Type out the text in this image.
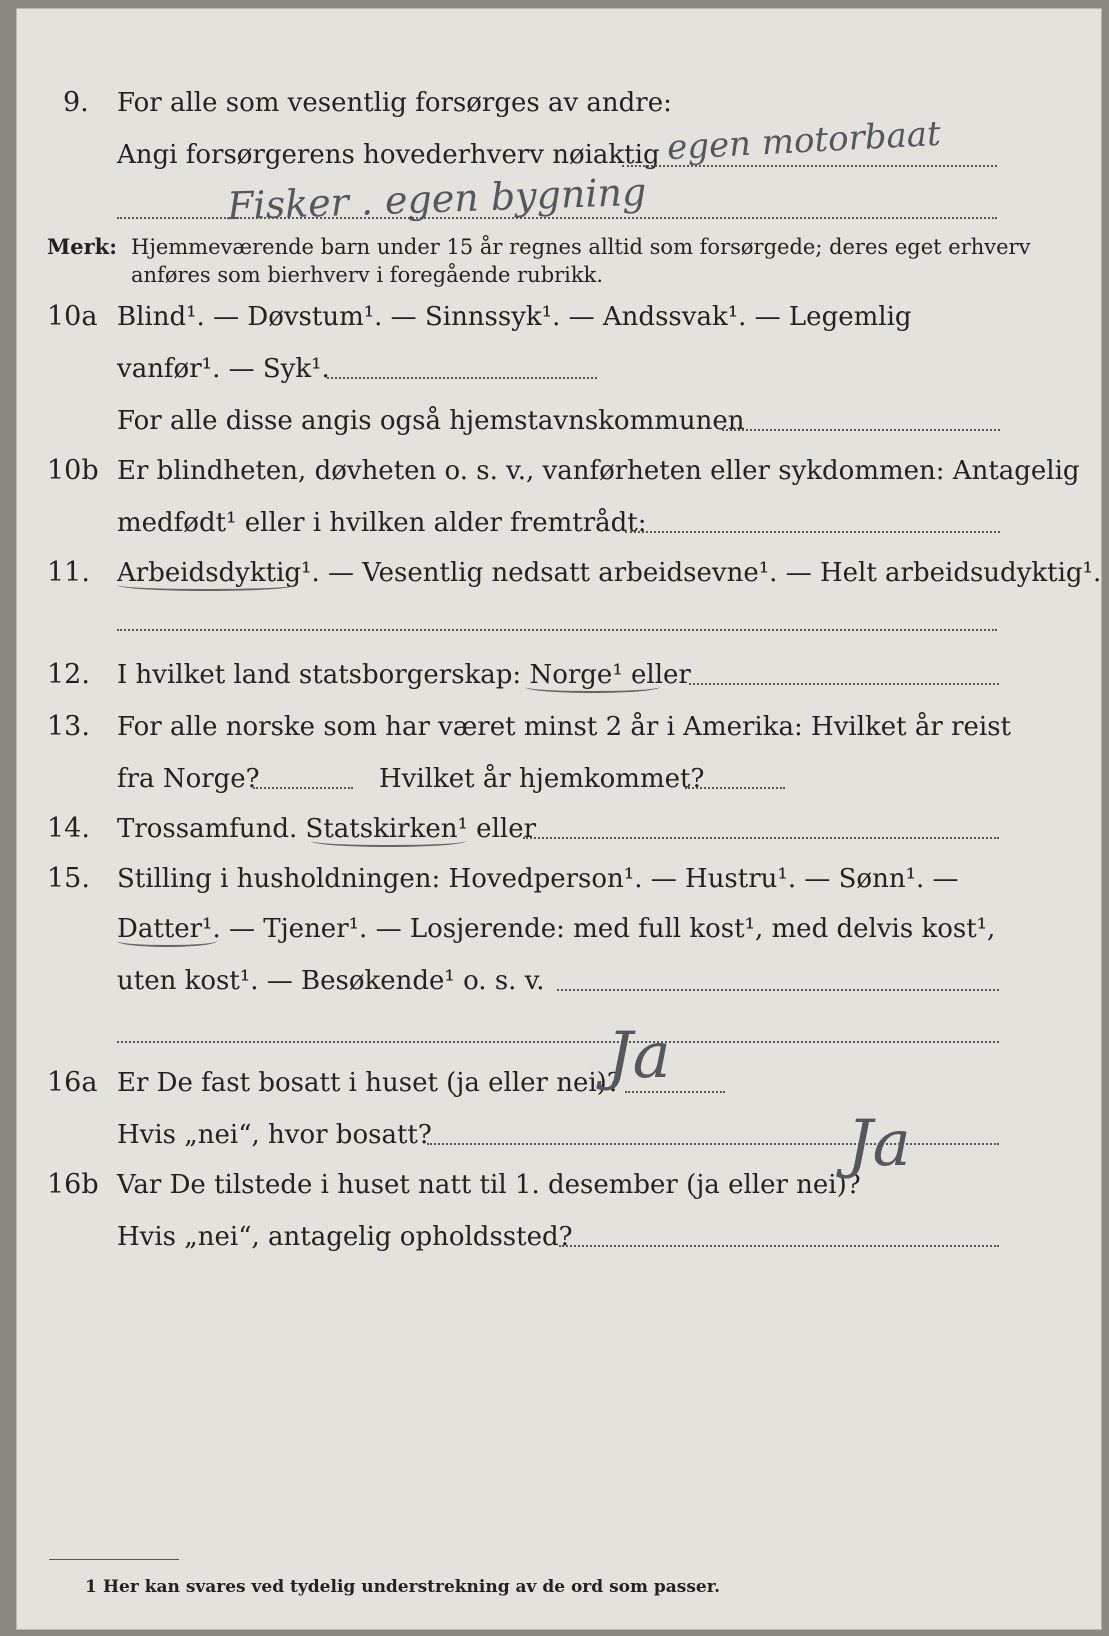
9. For alle som vesentlig forsørges av andre:
Angi forsørgerens hovederhverv nøiaktig egen motorbaat
Fisker . egen bygning
Merk: Hjemmeværende barn under 15 år regnes alltid som forsørgede; deres eget erhverv
anføres som bierhverv i foregående rubrikk.
10a Blind¹. — Døvstum¹. — Sinnssyk¹. — Andssvak¹. — Legemlig
vanfør¹. — Syk¹.
For alle disse angis også hjemstavnskommunen
10b Er blindheten, døvheten o. s. v., vanførheten eller sykdommen: Antagelig
medfødt¹ eller i hvilken alder fremtrådt:
11. Arbeidsdyktig¹. — Vesentlig nedsatt arbeidsevne¹. — Helt arbeidsudyktig¹.
12. I hvilket land statsborgerskap: Norge¹ eller
13. For alle norske som har været minst 2 år i Amerika: Hvilket år reist
fra Norge?	Hvilket år hjemkommet?
14. Trossamfund. Statskirken¹ eller
15. Stilling i husholdningen: Hovedperson¹. — Hustru¹. — Sønn¹. —
Datter¹. — Tjener¹. — Losjerende: med full kost¹, med delvis kost¹,
uten kost¹. — Besøkende¹ o. s. v.
16a Er De fast bosatt i huset (ja eller nei)?
Ja
Hvis „nei“, hvor bosatt?
16b Var De tilstede i huset natt til 1. desember (ja eller nei)?
Ja
Hvis „nei“, antagelig opholdssted?
1 Her kan svares ved tydelig understrekning av de ord som passer.
